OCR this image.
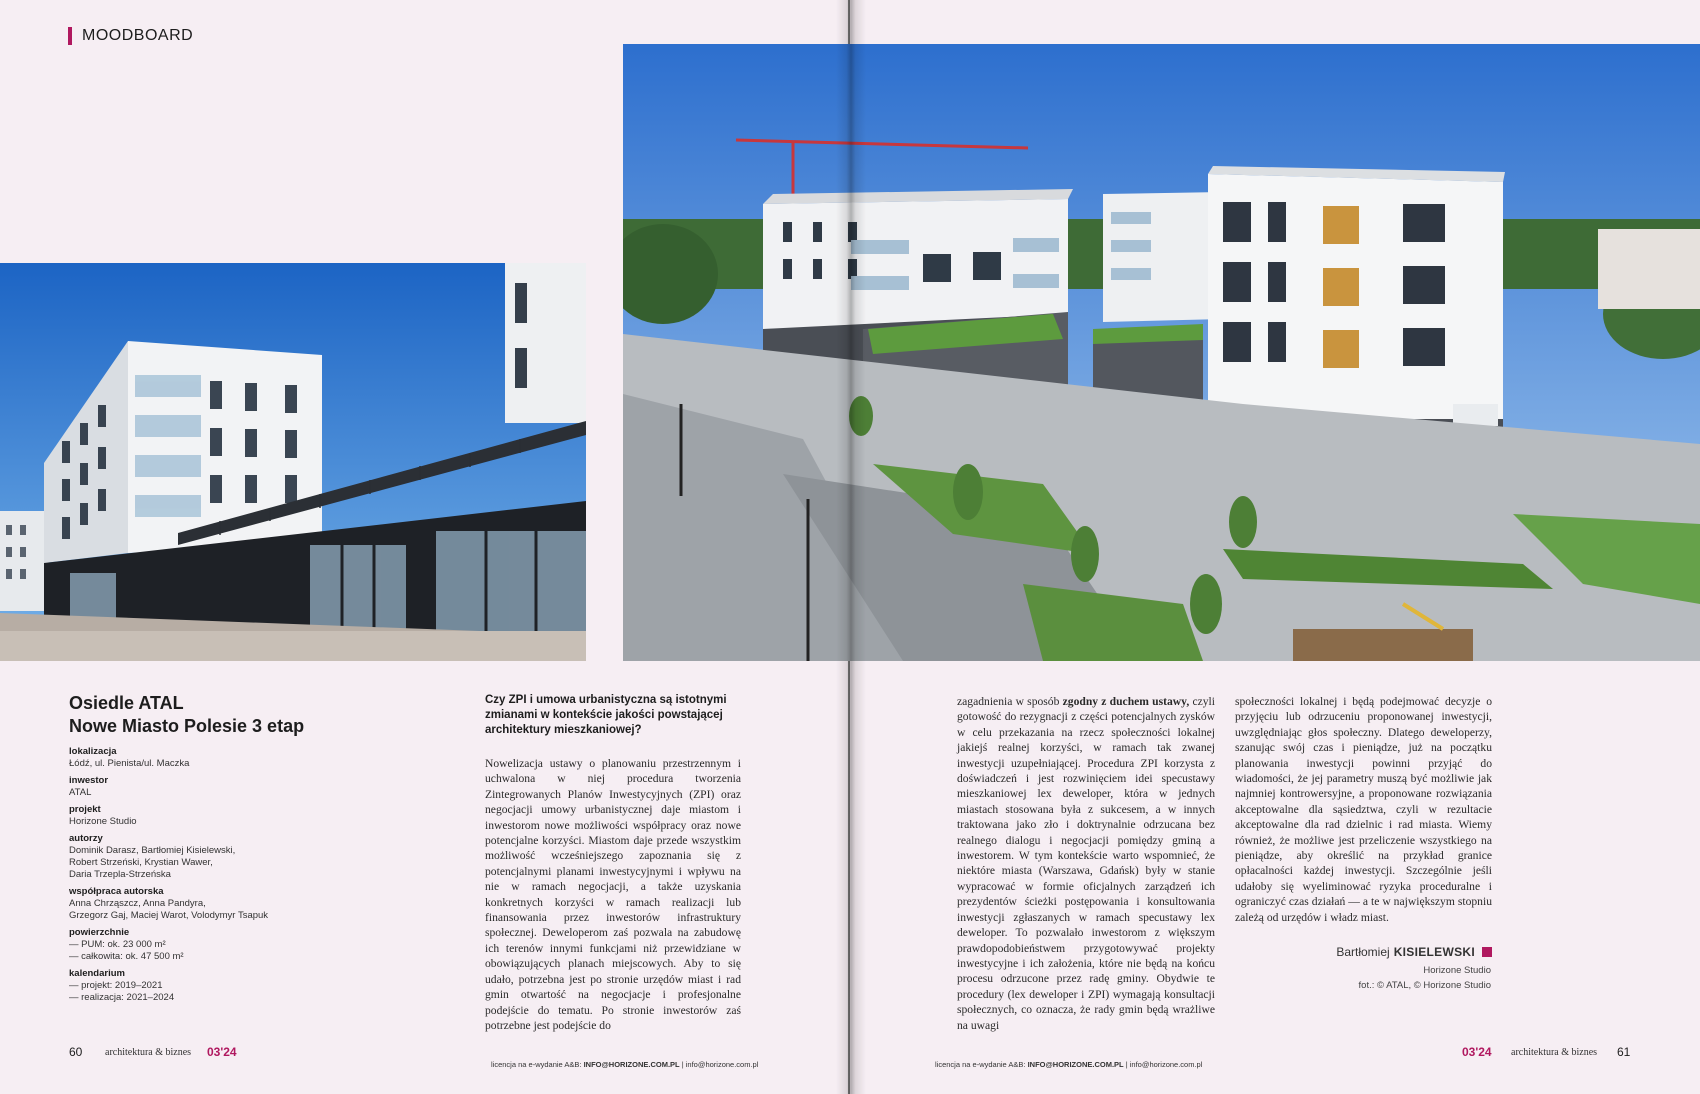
MOODBOARD
Osiedle ATAL
Nowe Miasto Polesie 3 etap
lokalizacja
Łódź, ul. Pienista/ul. Maczka
inwestor
ATAL
projekt
Horizone Studio
autorzy
Dominik Darasz, Bartłomiej Kisielewski,
Robert Strzeński, Krystian Wawer,
Daria Trzepla-Strzeńska
współpraca autorska
Anna Chrząszcz, Anna Pandyra,
Grzegorz Gaj, Maciej Warot, Volodymyr Tsapuk
powierzchnie
— PUM: ok. 23 000 m²
— całkowita: ok. 47 500 m²
kalendarium
— projekt: 2019–2021
— realizacja: 2021–2024
Czy ZPI i umowa urbanistyczna są istotnymi zmianami w kontekście jakości powstającej architektury mieszkaniowej?
Nowelizacja ustawy o planowaniu przestrzennym i uchwalona w niej procedura tworzenia Zintegrowanych Planów Inwestycyjnych (ZPI) oraz negocjacji umowy urbanistycznej daje miastom i inwestorom nowe możliwości współpracy oraz nowe potencjalne korzyści. Miastom daje przede wszystkim możliwość wcześniejszego zapoznania się z potencjalnymi planami inwestycyjnymi i wpływu na nie w ramach negocjacji, a także uzyskania konkretnych korzyści w ramach realizacji lub finansowania przez inwestorów infrastruktury społecznej. Deweloperom zaś pozwala na zabudowę ich terenów innymi funkcjami niż przewidziane w obowiązujących planach miejscowych. Aby to się udało, potrzebna jest po stronie urzędów miast i rad gmin otwartość na negocjacje i profesjonalne podejście do tematu. Po stronie inwestorów zaś potrzebne jest podejście do
60 architektura & biznes 03'24
licencja na e-wydanie A&B: INFO@HORIZONE.COM.PL | info@horizone.com.pl
zagadnienia w sposób zgodny z duchem ustawy, czyli gotowość do rezygnacji z części potencjalnych zysków w celu przekazania na rzecz społeczności lokalnej jakiejś realnej korzyści, w ramach tak zwanej inwestycji uzupełniającej. Procedura ZPI korzysta z doświadczeń i jest rozwinięciem idei specustawy mieszkaniowej lex deweloper, która w jednych miastach stosowana była z sukcesem, a w innych traktowana jako zło i doktrynalnie odrzucana bez realnego dialogu i negocjacji pomiędzy gminą a inwestorem. W tym kontekście warto wspomnieć, że niektóre miasta (Warszawa, Gdańsk) były w stanie wypracować w formie oficjalnych zarządzeń ich prezydentów ścieżki postępowania i konsultowania inwestycji zgłaszanych w ramach specustawy lex deweloper. To pozwalało inwestorom z większym prawdopodobieństwem przygotowywać projekty inwestycyjne i ich założenia, które nie będą na końcu procesu odrzucone przez radę gminy. Obydwie te procedury (lex deweloper i ZPI) wymagają konsultacji społecznych, co oznacza, że rady gmin będą wrażliwe na uwagi
społeczności lokalnej i będą podejmować decyzje o przyjęciu lub odrzuceniu proponowanej inwestycji, uwzględniając głos społeczny. Dlatego deweloperzy, szanując swój czas i pieniądze, już na początku planowania inwestycji powinni przyjąć do wiadomości, że jej parametry muszą być możliwie jak najmniej kontrowersyjne, a proponowane rozwiązania akceptowalne dla sąsiedztwa, czyli w rezultacie akceptowalne dla rad dzielnic i rad miasta. Wiemy również, że możliwe jest przeliczenie wszystkiego na pieniądze, aby określić na przykład granice opłacalności każdej inwestycji. Szczególnie jeśli udałoby się wyeliminować ryzyka proceduralne i ograniczyć czas działań — a te w największym stopniu zależą od urzędów i władz miast.
Bartłomiej KISIELEWSKI
Horizone Studio
fot.: © ATAL, © Horizone Studio
03'24 architektura & biznes 61
licencja na e-wydanie A&B: INFO@HORIZONE.COM.PL | info@horizone.com.pl
